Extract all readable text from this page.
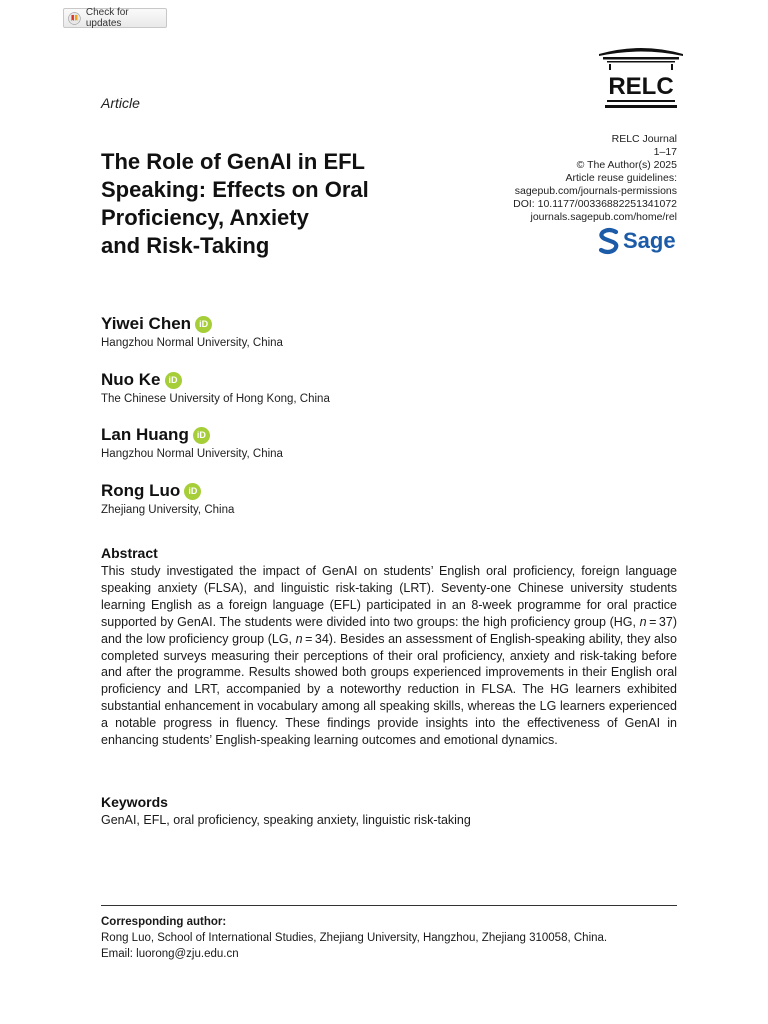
Check for updates
Article
RELC
The Role of GenAI in EFL
Speaking: Effects on Oral
Proficiency, Anxiety
and Risk-Taking
RELC Journal
1–17
© The Author(s) 2025
Article reuse guidelines:
sagepub.com/journals-permissions
DOI: 10.1177/00336882251341072
journals.sagepub.com/home/rel
Sage
Yiwei Chen iD
Hangzhou Normal University, China
Nuo Ke iD
The Chinese University of Hong Kong, China
Lan Huang iD
Hangzhou Normal University, China
Rong Luo iD
Zhejiang University, China
Abstract
This study investigated the impact of GenAI on students’ English oral proficiency, foreign language speaking anxiety (FLSA), and linguistic risk-taking (LRT). Seventy-one Chinese university students learning English as a foreign language (EFL) participated in an 8-week programme for oral practice supported by GenAI. The students were divided into two groups: the high proficiency group (HG, n = 37) and the low proficiency group (LG, n = 34). Besides an assessment of English-speaking ability, they also completed surveys measuring their perceptions of their oral proficiency, anxiety and risk-taking before and after the programme. Results showed both groups experienced improvements in their English oral proficiency and LRT, accompanied by a noteworthy reduction in FLSA. The HG learners exhibited substantial enhancement in vocabulary among all speaking skills, whereas the LG learners experienced a notable progress in fluency. These findings provide insights into the effectiveness of GenAI in enhancing students’ English-speaking learning outcomes and emotional dynamics.
Keywords
GenAI, EFL, oral proficiency, speaking anxiety, linguistic risk-taking
Corresponding author:
Rong Luo, School of International Studies, Zhejiang University, Hangzhou, Zhejiang 310058, China.
Email: luorong@zju.edu.cn
